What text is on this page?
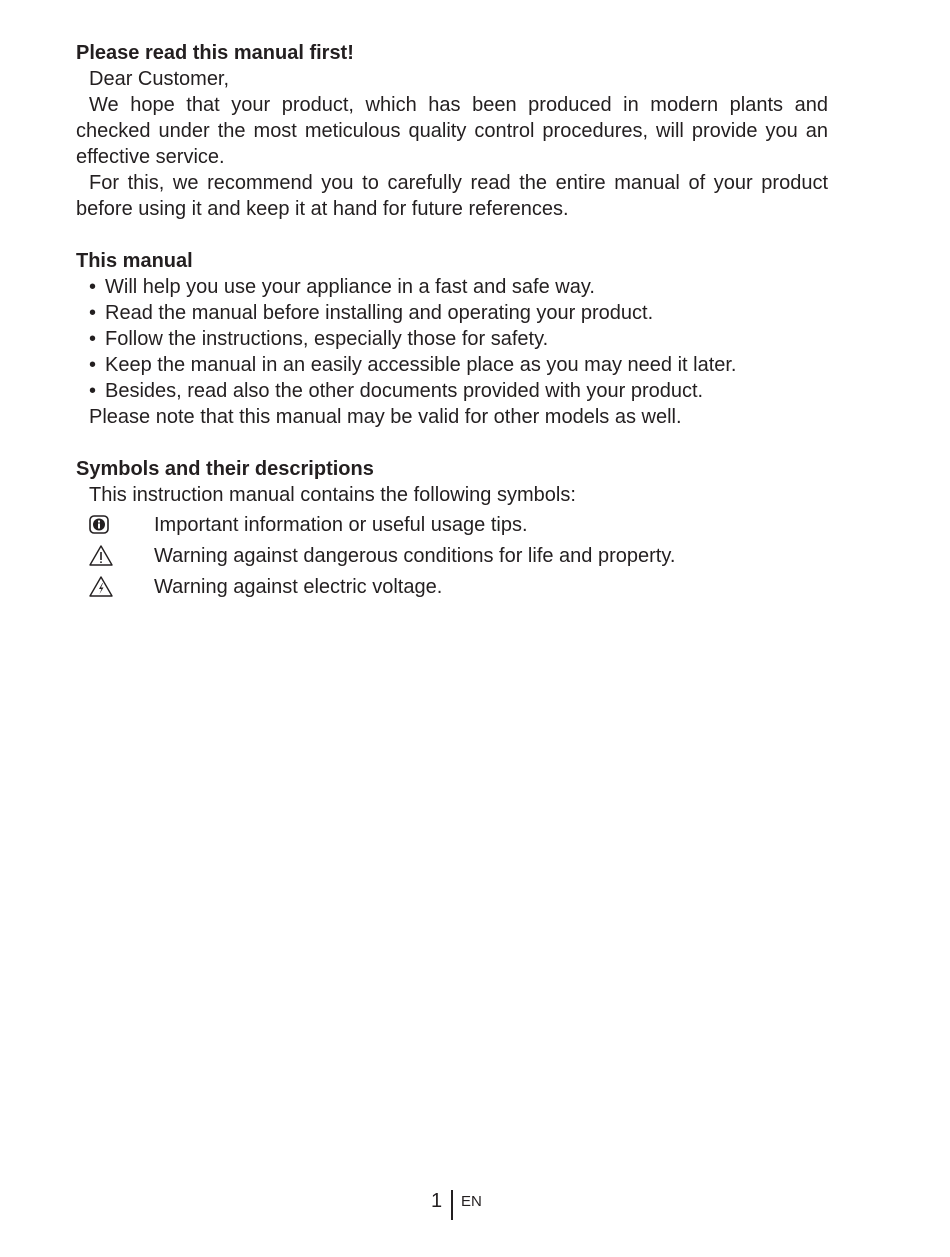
Please read this manual first!

Dear Customer,

We hope that your product, which has been produced in modern plants and checked under the most meticulous quality control procedures, will provide you an effective service.

For this, we recommend you to carefully read the entire manual of your product before using it and keep it at hand for future references.

This manual
• Will help you use your appliance in a fast and safe way.
• Read the manual before installing and operating your product.
• Follow the instructions, especially those for safety.
• Keep the manual in an easily accessible place as you may need it later.
• Besides, read also the other documents provided with your product.

Please note that this manual may be valid for other models as well.

Symbols and their descriptions

This instruction manual contains the following symbols:

Important information or useful usage tips.
Warning against dangerous conditions for life and property.
Warning against electric voltage.
1 EN
